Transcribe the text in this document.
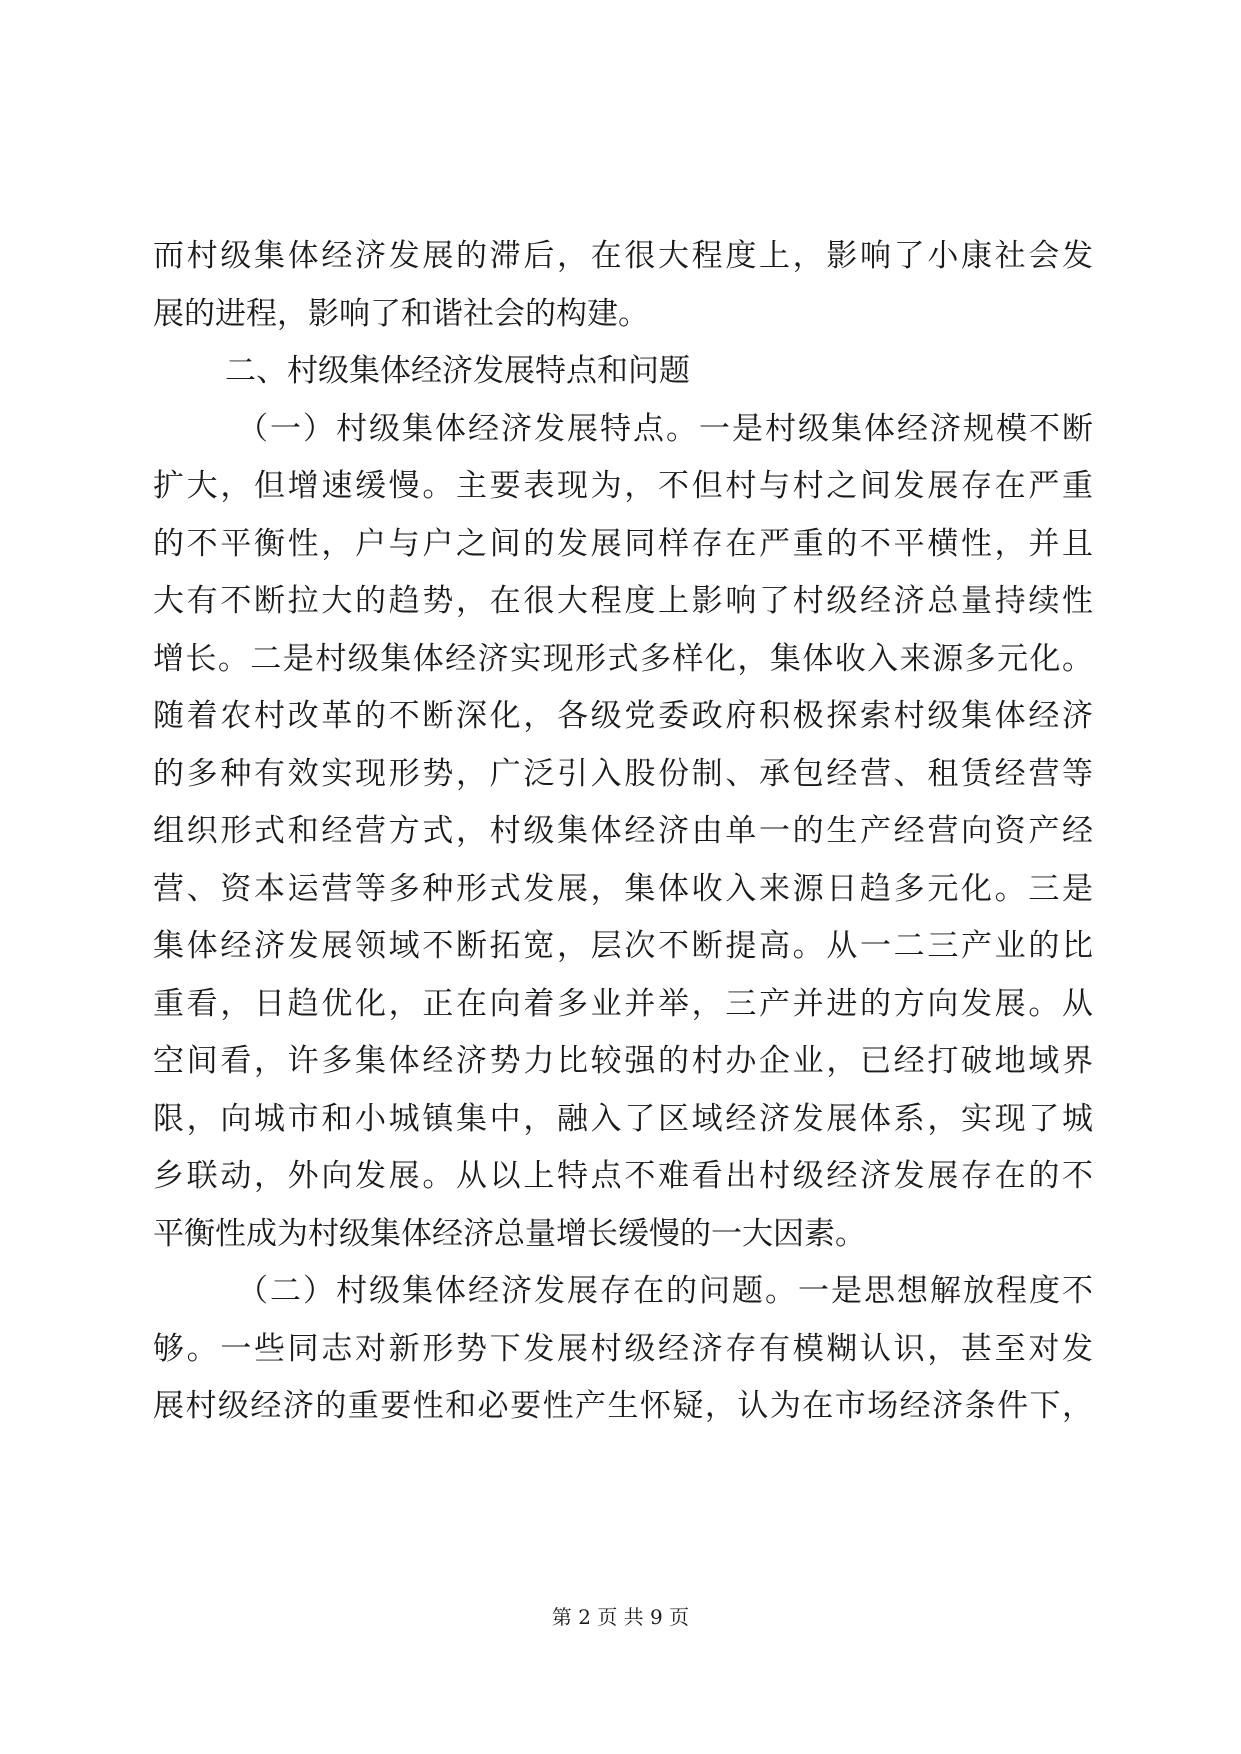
而村级集体经济发展的滞后，在很大程度上，影响了小康社会发
展的进程，影响了和谐社会的构建。
二、村级集体经济发展特点和问题
（一）村级集体经济发展特点。一是村级集体经济规模不断
扩大，但增速缓慢。主要表现为，不但村与村之间发展存在严重
的不平衡性，户与户之间的发展同样存在严重的不平横性，并且
大有不断拉大的趋势，在很大程度上影响了村级经济总量持续性
增长。二是村级集体经济实现形式多样化，集体收入来源多元化。
随着农村改革的不断深化，各级党委政府积极探索村级集体经济
的多种有效实现形势，广泛引入股份制、承包经营、租赁经营等
组织形式和经营方式，村级集体经济由单一的生产经营向资产经
营、资本运营等多种形式发展，集体收入来源日趋多元化。三是
集体经济发展领域不断拓宽，层次不断提高。从一二三产业的比
重看，日趋优化，正在向着多业并举，三产并进的方向发展。从
空间看，许多集体经济势力比较强的村办企业，已经打破地域界
限，向城市和小城镇集中，融入了区域经济发展体系，实现了城
乡联动，外向发展。从以上特点不难看出村级经济发展存在的不
平衡性成为村级集体经济总量增长缓慢的一大因素。
（二）村级集体经济发展存在的问题。一是思想解放程度不
够。一些同志对新形势下发展村级经济存有模糊认识，甚至对发
展村级经济的重要性和必要性产生怀疑，认为在市场经济条件下，
第 2 页 共 9 页
